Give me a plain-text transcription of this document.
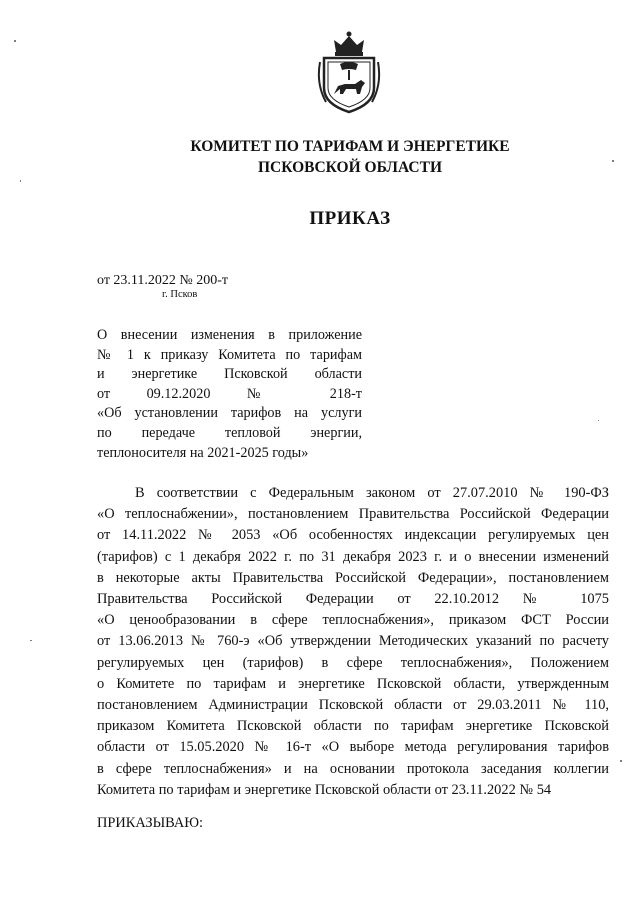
КОМИТЕТ ПО ТАРИФАМ И ЭНЕРГЕТИКЕ
ПСКОВСКОЙ ОБЛАСТИ
ПРИКАЗ
от 23.11.2022 № 200-т
г. Псков
О внесении изменения в приложение
№ 1 к приказу Комитета по тарифам
и энергетике Псковской области
от 09.12.2020 № 218-т
«Об установлении тарифов на услуги
по передаче тепловой энергии,
теплоносителя на 2021-2025 годы»
В соответствии с Федеральным законом от 27.07.2010 № 190-ФЗ
«О теплоснабжении», постановлением Правительства Российской Федерации
от 14.11.2022 № 2053 «Об особенностях индексации регулируемых цен
(тарифов) с 1 декабря 2022 г. по 31 декабря 2023 г. и о внесении изменений
в некоторые акты Правительства Российской Федерации», постановлением
Правительства Российской Федерации от 22.10.2012 № 1075
«О ценообразовании в сфере теплоснабжения», приказом ФСТ России
от 13.06.2013 № 760-э «Об утверждении Методических указаний по расчету
регулируемых цен (тарифов) в сфере теплоснабжения», Положением
о Комитете по тарифам и энергетике Псковской области, утвержденным
постановлением Администрации Псковской области от 29.03.2011 № 110,
приказом Комитета Псковской области по тарифам энергетике Псковской
области от 15.05.2020 № 16-т «О выборе метода регулирования тарифов
в сфере теплоснабжения» и на основании протокола заседания коллегии
Комитета по тарифам и энергетике Псковской области от 23.11.2022 № 54
ПРИКАЗЫВАЮ:
